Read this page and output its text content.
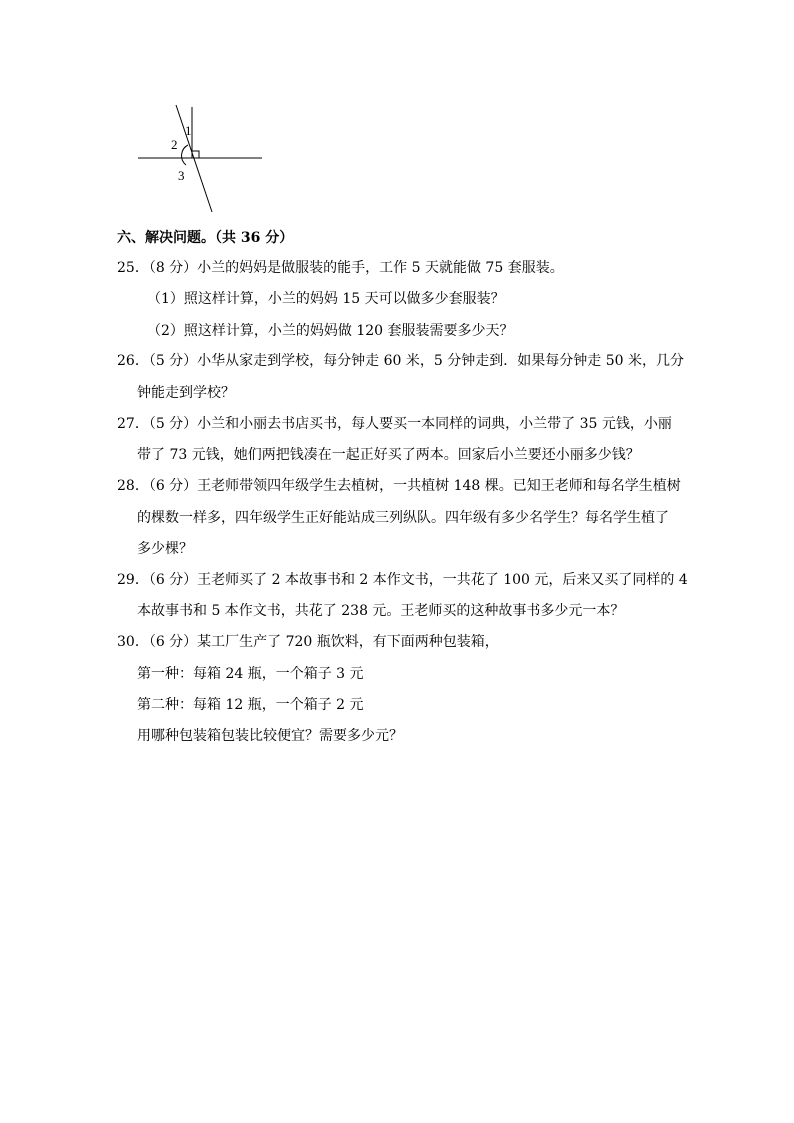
1
2
3
六、解决问题。（共 36 分）
25．（8 分）小兰的妈妈是做服装的能手，工作 5 天就能做 75 套服装。
（1）照这样计算，小兰的妈妈 15 天可以做多少套服装？
（2）照这样计算，小兰的妈妈做 120 套服装需要多少天？
26．（5 分）小华从家走到学校，每分钟走 60 米，5 分钟走到．如果每分钟走 50 米，几分
钟能走到学校？
27．（5 分）小兰和小丽去书店买书，每人要买一本同样的词典，小兰带了 35 元钱，小丽
带了 73 元钱，她们两把钱凑在一起正好买了两本。回家后小兰要还小丽多少钱？
28．（6 分）王老师带领四年级学生去植树，一共植树 148 棵。已知王老师和每名学生植树
的棵数一样多，四年级学生正好能站成三列纵队。四年级有多少名学生？每名学生植了
多少棵？
29．（6 分）王老师买了 2 本故事书和 2 本作文书，一共花了 100 元，后来又买了同样的 4
本故事书和 5 本作文书，共花了 238 元。王老师买的这种故事书多少元一本？
30．（6 分）某工厂生产了 720 瓶饮料，有下面两种包装箱，
第一种：每箱 24 瓶，一个箱子 3 元
第二种：每箱 12 瓶，一个箱子 2 元
用哪种包装箱包装比较便宜？需要多少元？
